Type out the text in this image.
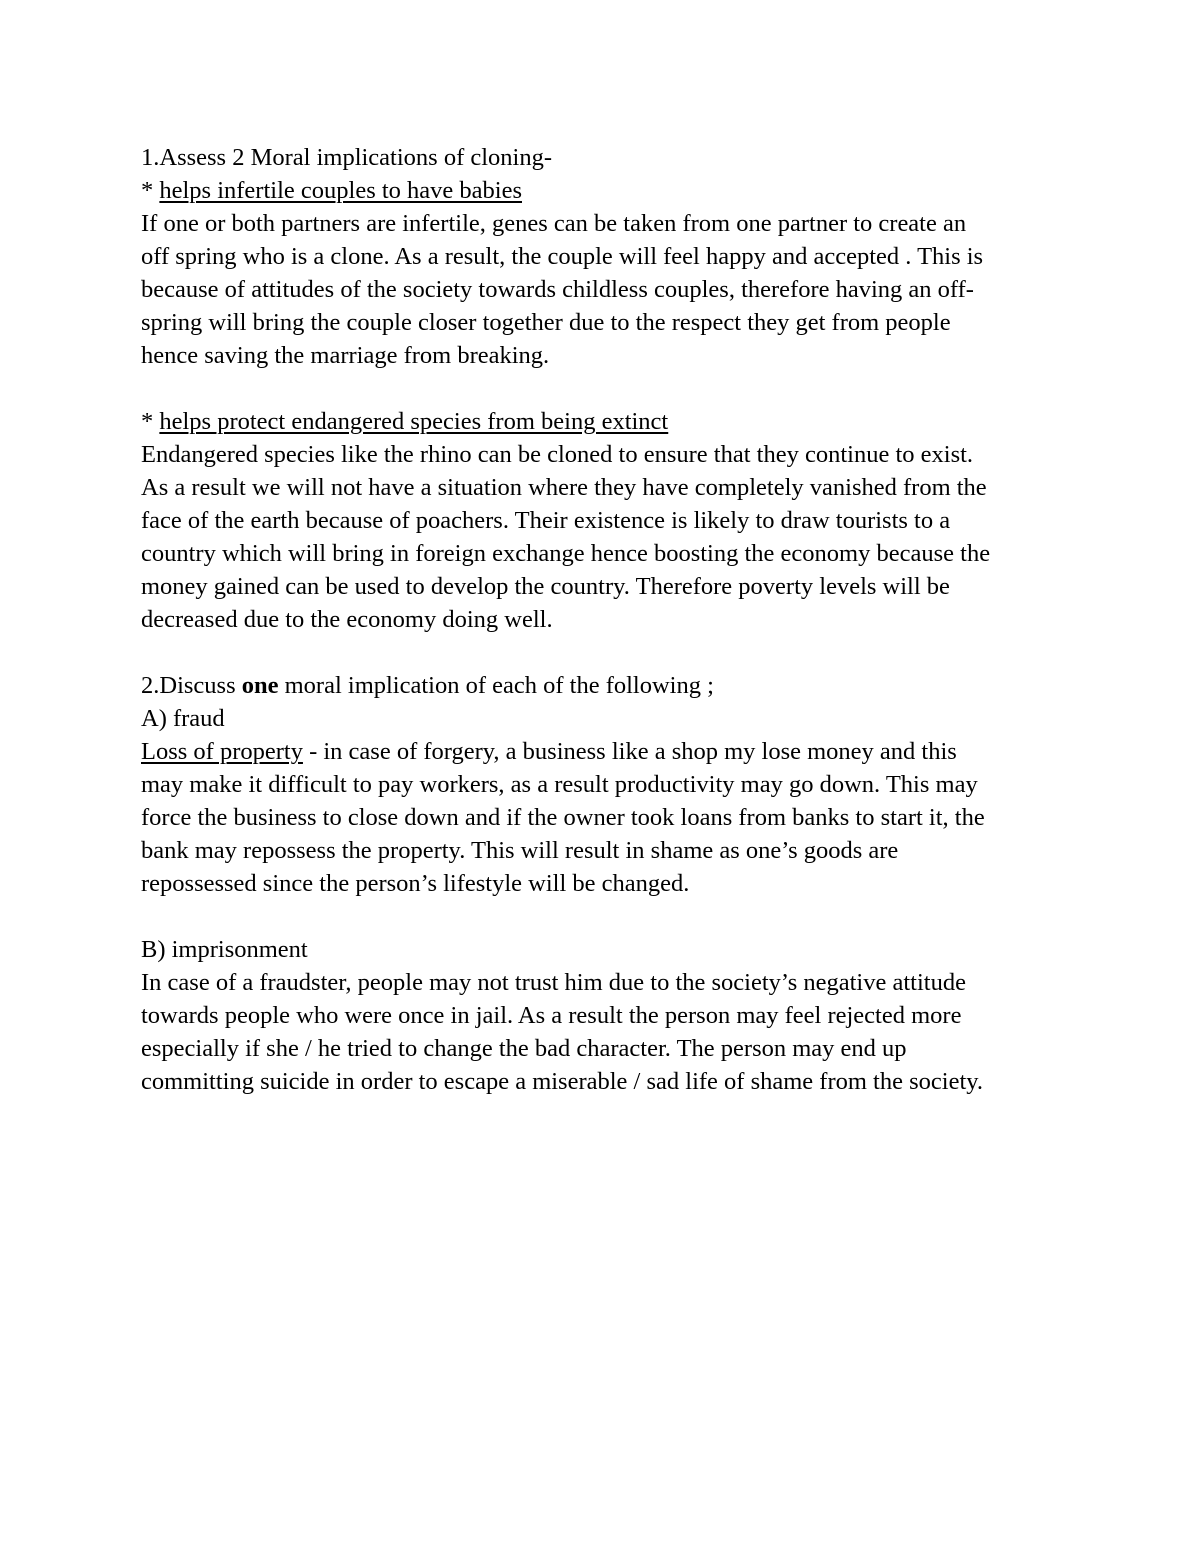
1.Assess 2 Moral implications of cloning-
* helps infertile couples to have babies
If one or both partners are infertile, genes can be taken from one partner to create an
off spring who is a clone. As a result, the couple will feel happy and accepted . This is
because of attitudes of the society towards childless couples, therefore having an off-
spring will bring the couple closer together due to the respect they get from people
hence saving the marriage from breaking.
* helps protect endangered species from being extinct
Endangered species like the rhino can be cloned to ensure that they continue to exist.
As a result we will not have a situation where they have completely vanished from the
face of the earth because of poachers. Their existence is likely to draw tourists to a
country which will bring in foreign exchange hence boosting the economy because the
money gained can be used to develop the country. Therefore poverty levels will be
decreased due to the economy doing well.
2.Discuss one moral implication of each of the following ;
A) fraud
Loss of property - in case of forgery, a business like a shop my lose money and this
may make it difficult to pay workers, as a result productivity may go down. This may
force the business to close down and if the owner took loans from banks to start it, the
bank may repossess the property. This will result in shame as one’s goods are
repossessed since the person’s lifestyle will be changed.
B) imprisonment
In case of a fraudster, people may not trust him due to the society’s negative attitude
towards people who were once in jail. As a result the person may feel rejected more
especially if she / he tried to change the bad character. The person may end up
committing suicide in order to escape a miserable / sad life of shame from the society.
